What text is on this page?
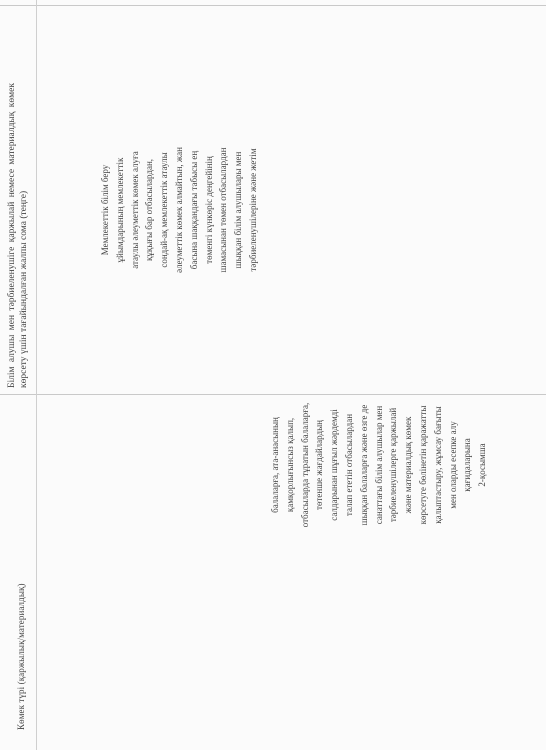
Көмек түрі (қаржылық/материалдық)
Білім алушы мен тәрбиеленушіге қаржылай немесе материалдық көмек көрсету үшін тағайындалған жалпы сома (теңге)	Мемлекеттік білім беру ұйымдарының мемлекеттік атаулы әлеуметтік көмек алуға құқығы бар отбасылардан, сондай-ақ мемлекеттік атаулы әлеуметтік көмек алмайтын, жан басына шаққандағы табысы ең төменгі күнкөріс деңгейінің шамасынан төмен отбасылардан шыққан білім алушылары мен тәрбиеленушілеріне және жетім
балаларға, ата-анасының қамқорлығынсыз қалып, отбасыларда тұратын балаларға, төтенше жағдайлардың салдарынан шұғыл жәрдемді талап ететін отбасылардан шыққан балаларға және өзге де санаттағы білім алушылар мен тәрбиеленушілерге қаржылай және материалдық көмек көрсетуге бөлінетін қаражатты қалыптастыру, жұмсау бағыты мен оларды есепке алу қағидаларына 2-қосымша
